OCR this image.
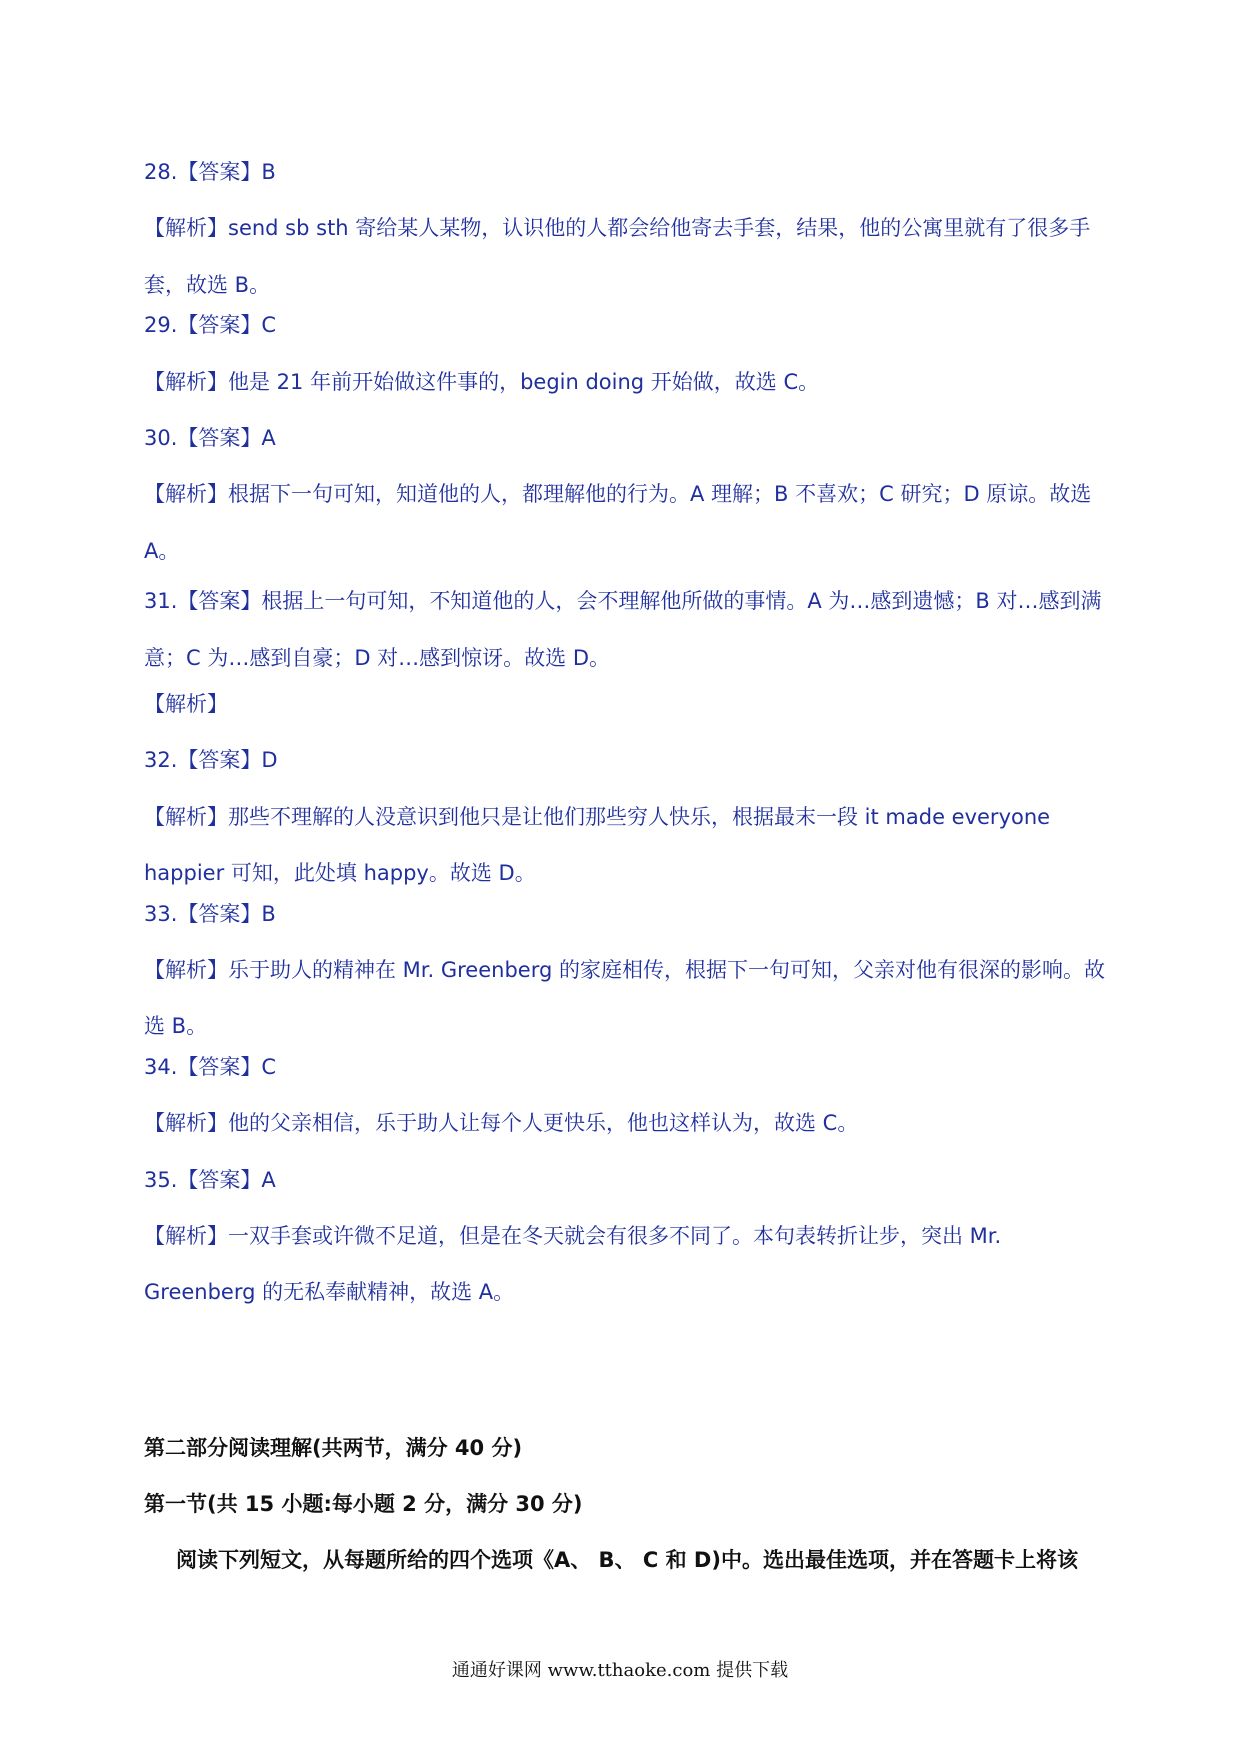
28.【答案】B
【解析】send sb sth 寄给某人某物，认识他的人都会给他寄去手套，结果，他的公寓里就有了很多手套，故选 B。
29.【答案】C
【解析】他是 21 年前开始做这件事的，begin doing 开始做，故选 C。
30.【答案】A
【解析】根据下一句可知，知道他的人，都理解他的行为。A 理解；B 不喜欢；C 研究；D 原谅。故选 A。
31.【答案】根据上一句可知，不知道他的人，会不理解他所做的事情。A 为…感到遗憾；B 对…感到满意；C 为…感到自豪；D 对…感到惊讶。故选 D。
【解析】
32.【答案】D
【解析】那些不理解的人没意识到他只是让他们那些穷人快乐，根据最末一段 it made everyone happier 可知，此处填 happy。故选 D。
33.【答案】B
【解析】乐于助人的精神在 Mr. Greenberg 的家庭相传，根据下一句可知，父亲对他有很深的影响。故选 B。
34.【答案】C
【解析】他的父亲相信，乐于助人让每个人更快乐，他也这样认为，故选 C。
35.【答案】A
【解析】一双手套或许微不足道，但是在冬天就会有很多不同了。本句表转折让步，突出 Mr. Greenberg 的无私奉献精神，故选 A。
第二部分阅读理解(共两节，满分 40 分)
第一节(共 15 小题:每小题 2 分，满分 30 分)
阅读下列短文，从每题所给的四个选项《A、 B、 C 和 D)中。选出最佳选项，并在答题卡上将该
通通好课网 www.tthaoke.com 提供下载
